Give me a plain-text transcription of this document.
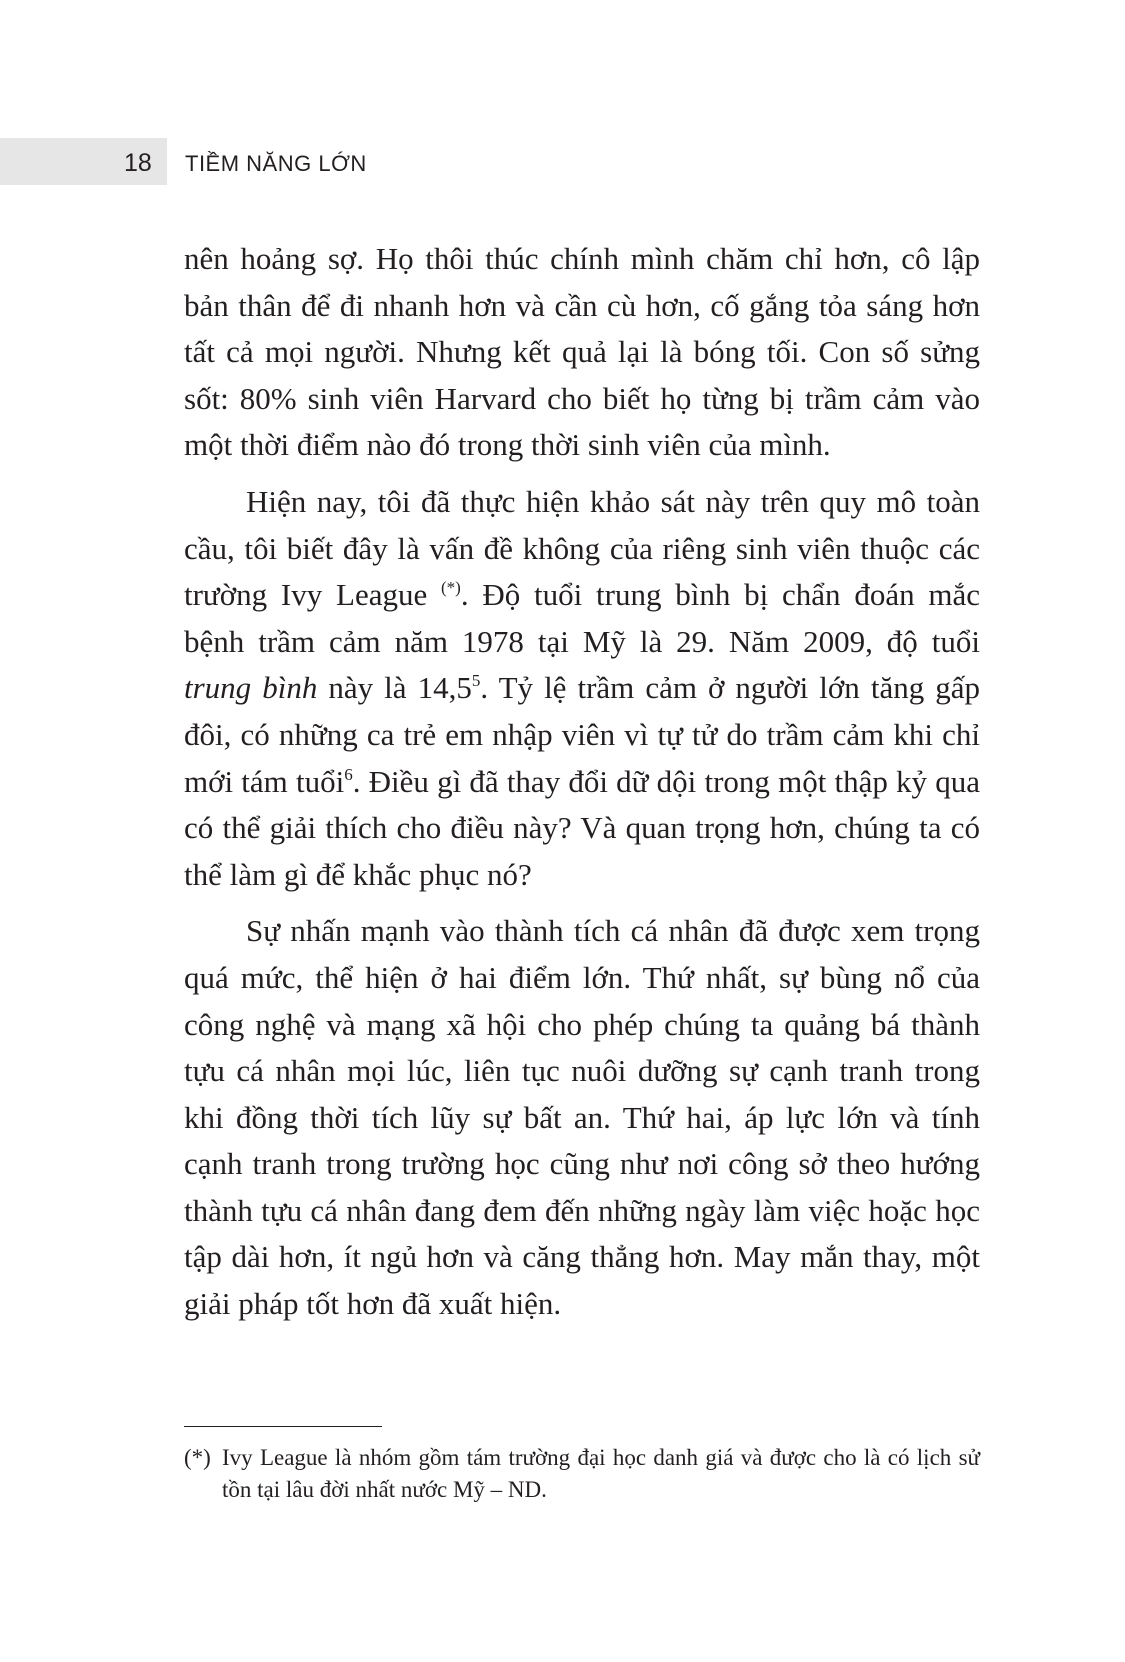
18 TIỀM NĂNG LỚN

nên hoảng sợ. Họ thôi thúc chính mình chăm chỉ hơn, cô lập bản thân để đi nhanh hơn và cần cù hơn, cố gắng tỏa sáng hơn tất cả mọi người. Nhưng kết quả lại là bóng tối. Con số sửng sốt: 80% sinh viên Harvard cho biết họ từng bị trầm cảm vào một thời điểm nào đó trong thời sinh viên của mình.

Hiện nay, tôi đã thực hiện khảo sát này trên quy mô toàn cầu, tôi biết đây là vấn đề không của riêng sinh viên thuộc các trường Ivy League (*). Độ tuổi trung bình bị chẩn đoán mắc bệnh trầm cảm năm 1978 tại Mỹ là 29. Năm 2009, độ tuổi trung bình này là 14,5$^5$. Tỷ lệ trầm cảm ở người lớn tăng gấp đôi, có những ca trẻ em nhập viên vì tự tử do trầm cảm khi chỉ mới tám tuổi$^6$. Điều gì đã thay đổi dữ dội trong một thập kỷ qua có thể giải thích cho điều này? Và quan trọng hơn, chúng ta có thể làm gì để khắc phục nó?

Sự nhấn mạnh vào thành tích cá nhân đã được xem trọng quá mức, thể hiện ở hai điểm lớn. Thứ nhất, sự bùng nổ của công nghệ và mạng xã hội cho phép chúng ta quảng bá thành tựu cá nhân mọi lúc, liên tục nuôi dưỡng sự cạnh tranh trong khi đồng thời tích lũy sự bất an. Thứ hai, áp lực lớn và tính cạnh tranh trong trường học cũng như nơi công sở theo hướng thành tựu cá nhân đang đem đến những ngày làm việc hoặc học tập dài hơn, ít ngủ hơn và căng thẳng hơn. May mắn thay, một giải pháp tốt hơn đã xuất hiện.

(*) Ivy League là nhóm gồm tám trường đại học danh giá và được cho là có lịch sử tồn tại lâu đời nhất nước Mỹ – ND.
